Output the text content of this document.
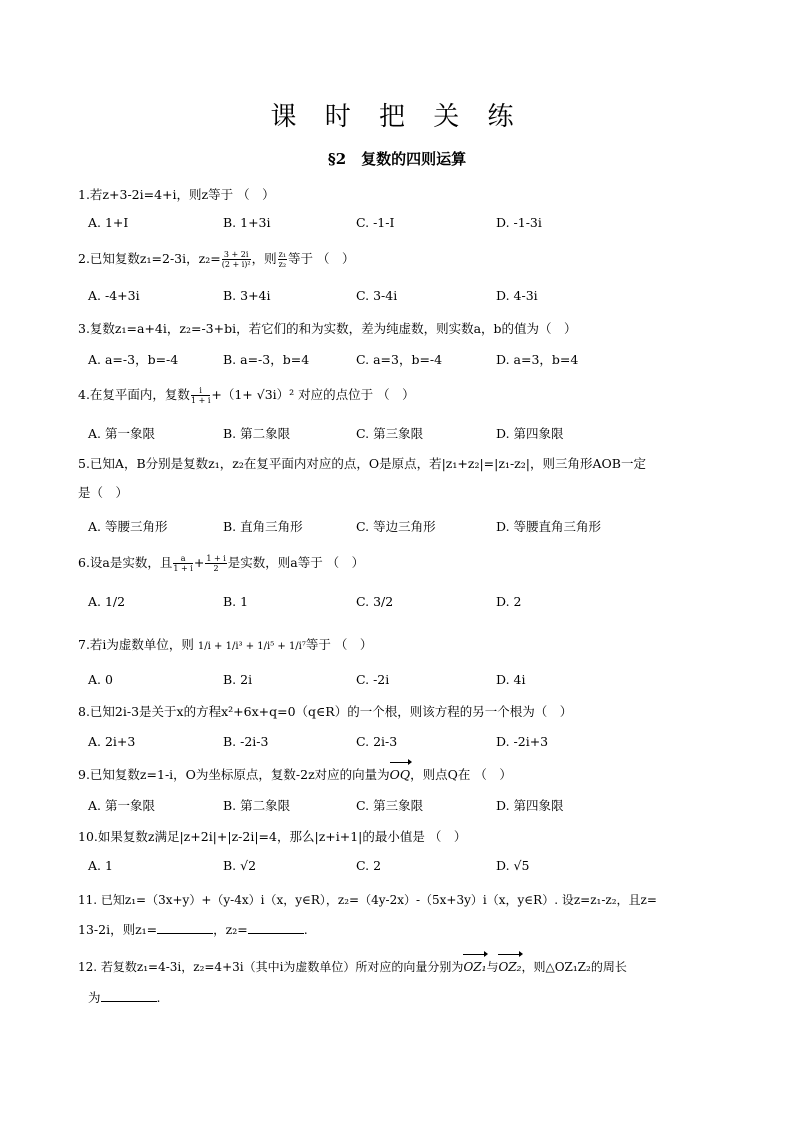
课 时 把 关 练
§2　复数的四则运算
1.若z+3-2i=4+i，则z等于 （　）
A. 1+I	B. 1+3i	C. -1-I	D. -1-3i
2.已知复数z₁=2-3i，$z_2= \frac{3 + 2i}{\text{(2 + i)²}}$ ，则 $\frac{\text{z₁}}{\text{z₂}}$ 等于 （　）
A. -4+3i	B. 3+4i	C. 3-4i	D. 4-3i
3.复数z₁=a+4i，z₂=-3+bi，若它们的和为实数，差为纯虚数，则实数a，b的值为（　）
A. a=-3，b=-4	B. a=-3，b=4	C. a=3，b=-4	D. a=3，b=4
4.在复平面内，复数 $\frac{i}{1 + i} +(1+ √3i)^2$ 对应的点位于 （　）
A. 第一象限	B. 第二象限	C. 第三象限	D. 第四象限
5.已知A，B分别是复数z₁，z₂在复平面内对应的点，O是原点，若|z₁+z₂|=|z₁-z₂|，则三角形AOB一定
是（　）
A. 等腰三角形	B. 直角三角形	C. 等边三角形	D. 等腰直角三角形
6.设a是实数，且 $\frac{a}{1 + i} + \frac{1 + i}{2}$ 是实数，则a等于 （　）
A. 1/2	B. 1	C. 3/2	D. 2
7.若i为虚数单位，则 1/i + 1/i³ + 1/i⁵ + 1/i⁷等于 （　）
A. 0	B. 2i	C. -2i	D. 4i
8.已知2i-3是关于x的方程x²+6x+q=0（q∈R）的一个根，则该方程的另一个根为（　）
A. 2i+3	B. -2i-3	C. 2i-3	D. -2i+3
9.已知复数z=1-i，O为坐标原点，复数-2z对应的向量为OQ，则点Q在 （　）
A. 第一象限	B. 第二象限	C. 第三象限	D. 第四象限
10.如果复数z满足|z+2i|+|z-2i|=4，那么|z+i+1|的最小值是 （　）
A. 1	B. √2	C. 2	D. √5
11. 已知z₁=（3x+y）+（y-4x）i（x，y∈R），z₂=（4y-2x）-（5x+3y）i（x，y∈R）. 设z=z₁-z₂，且z=
13-2i，则z₁=	，z₂=	.
12. 若复数z₁=4-3i，z₂=4+3i（其中i为虚数单位）所对应的向量分别为OZ₁与OZ₂，则△OZ₁Z₂的周长
为	.
